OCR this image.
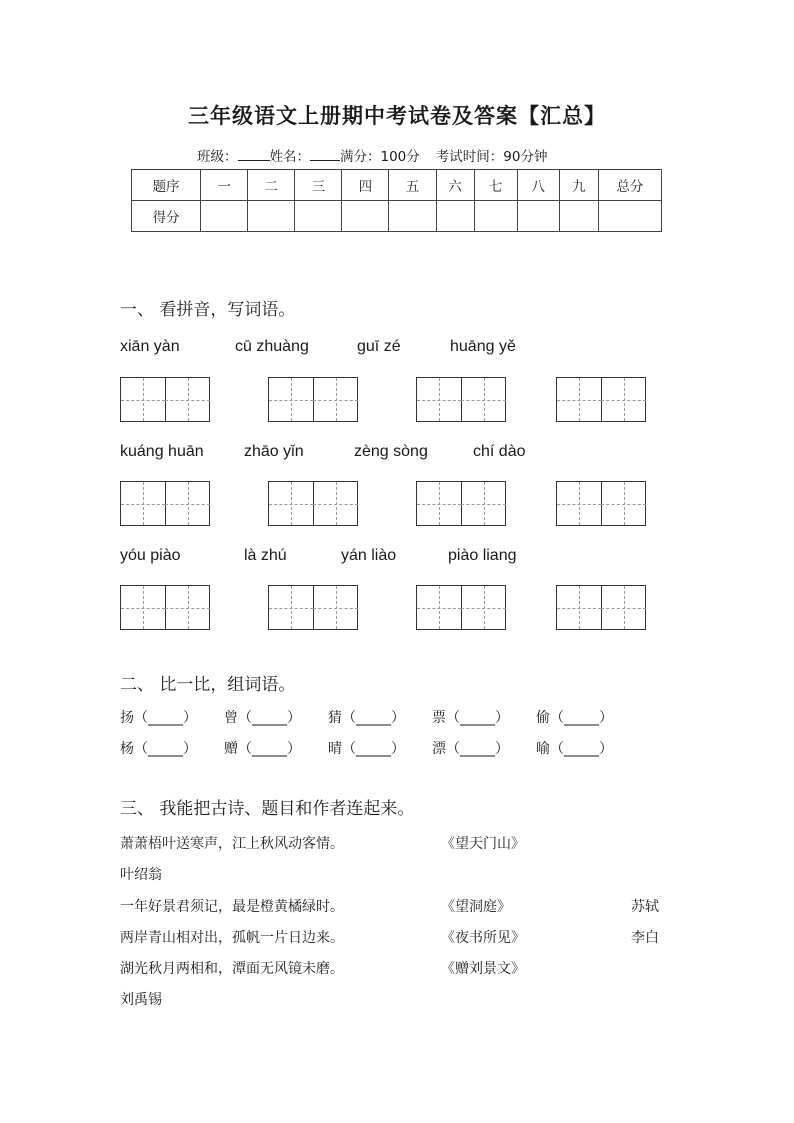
三年级语文上册期中考试卷及答案【汇总】
班级： 姓名： 满分：100分 考试时间：90分钟
题序	一	二	三	四	五	六	七	八	九	总分
得分										
一、 看拼音，写词语。
xiān yàn	cū zhuàng	guī zé	huāng yě
kuáng huān	zhāo yǐn	zèng sòng	chí dào
yóu piào	là zhú	yán liào	piào liang
二、 比一比，组词语。
扬（_____） 曾（_____） 猜（_____） 票（_____） 偷（_____）
杨（_____） 赠（_____） 晴（_____） 漂（_____） 喻（_____）
三、 我能把古诗、题目和作者连起来。
萧萧梧叶送寒声，江上秋风动客情。	《望天门山》
叶绍翁
一年好景君须记，最是橙黄橘绿时。	《望洞庭》	苏轼
两岸青山相对出，孤帆一片日边来。	《夜书所见》	李白
湖光秋月两相和，潭面无风镜未磨。	《赠刘景文》
刘禹锡
